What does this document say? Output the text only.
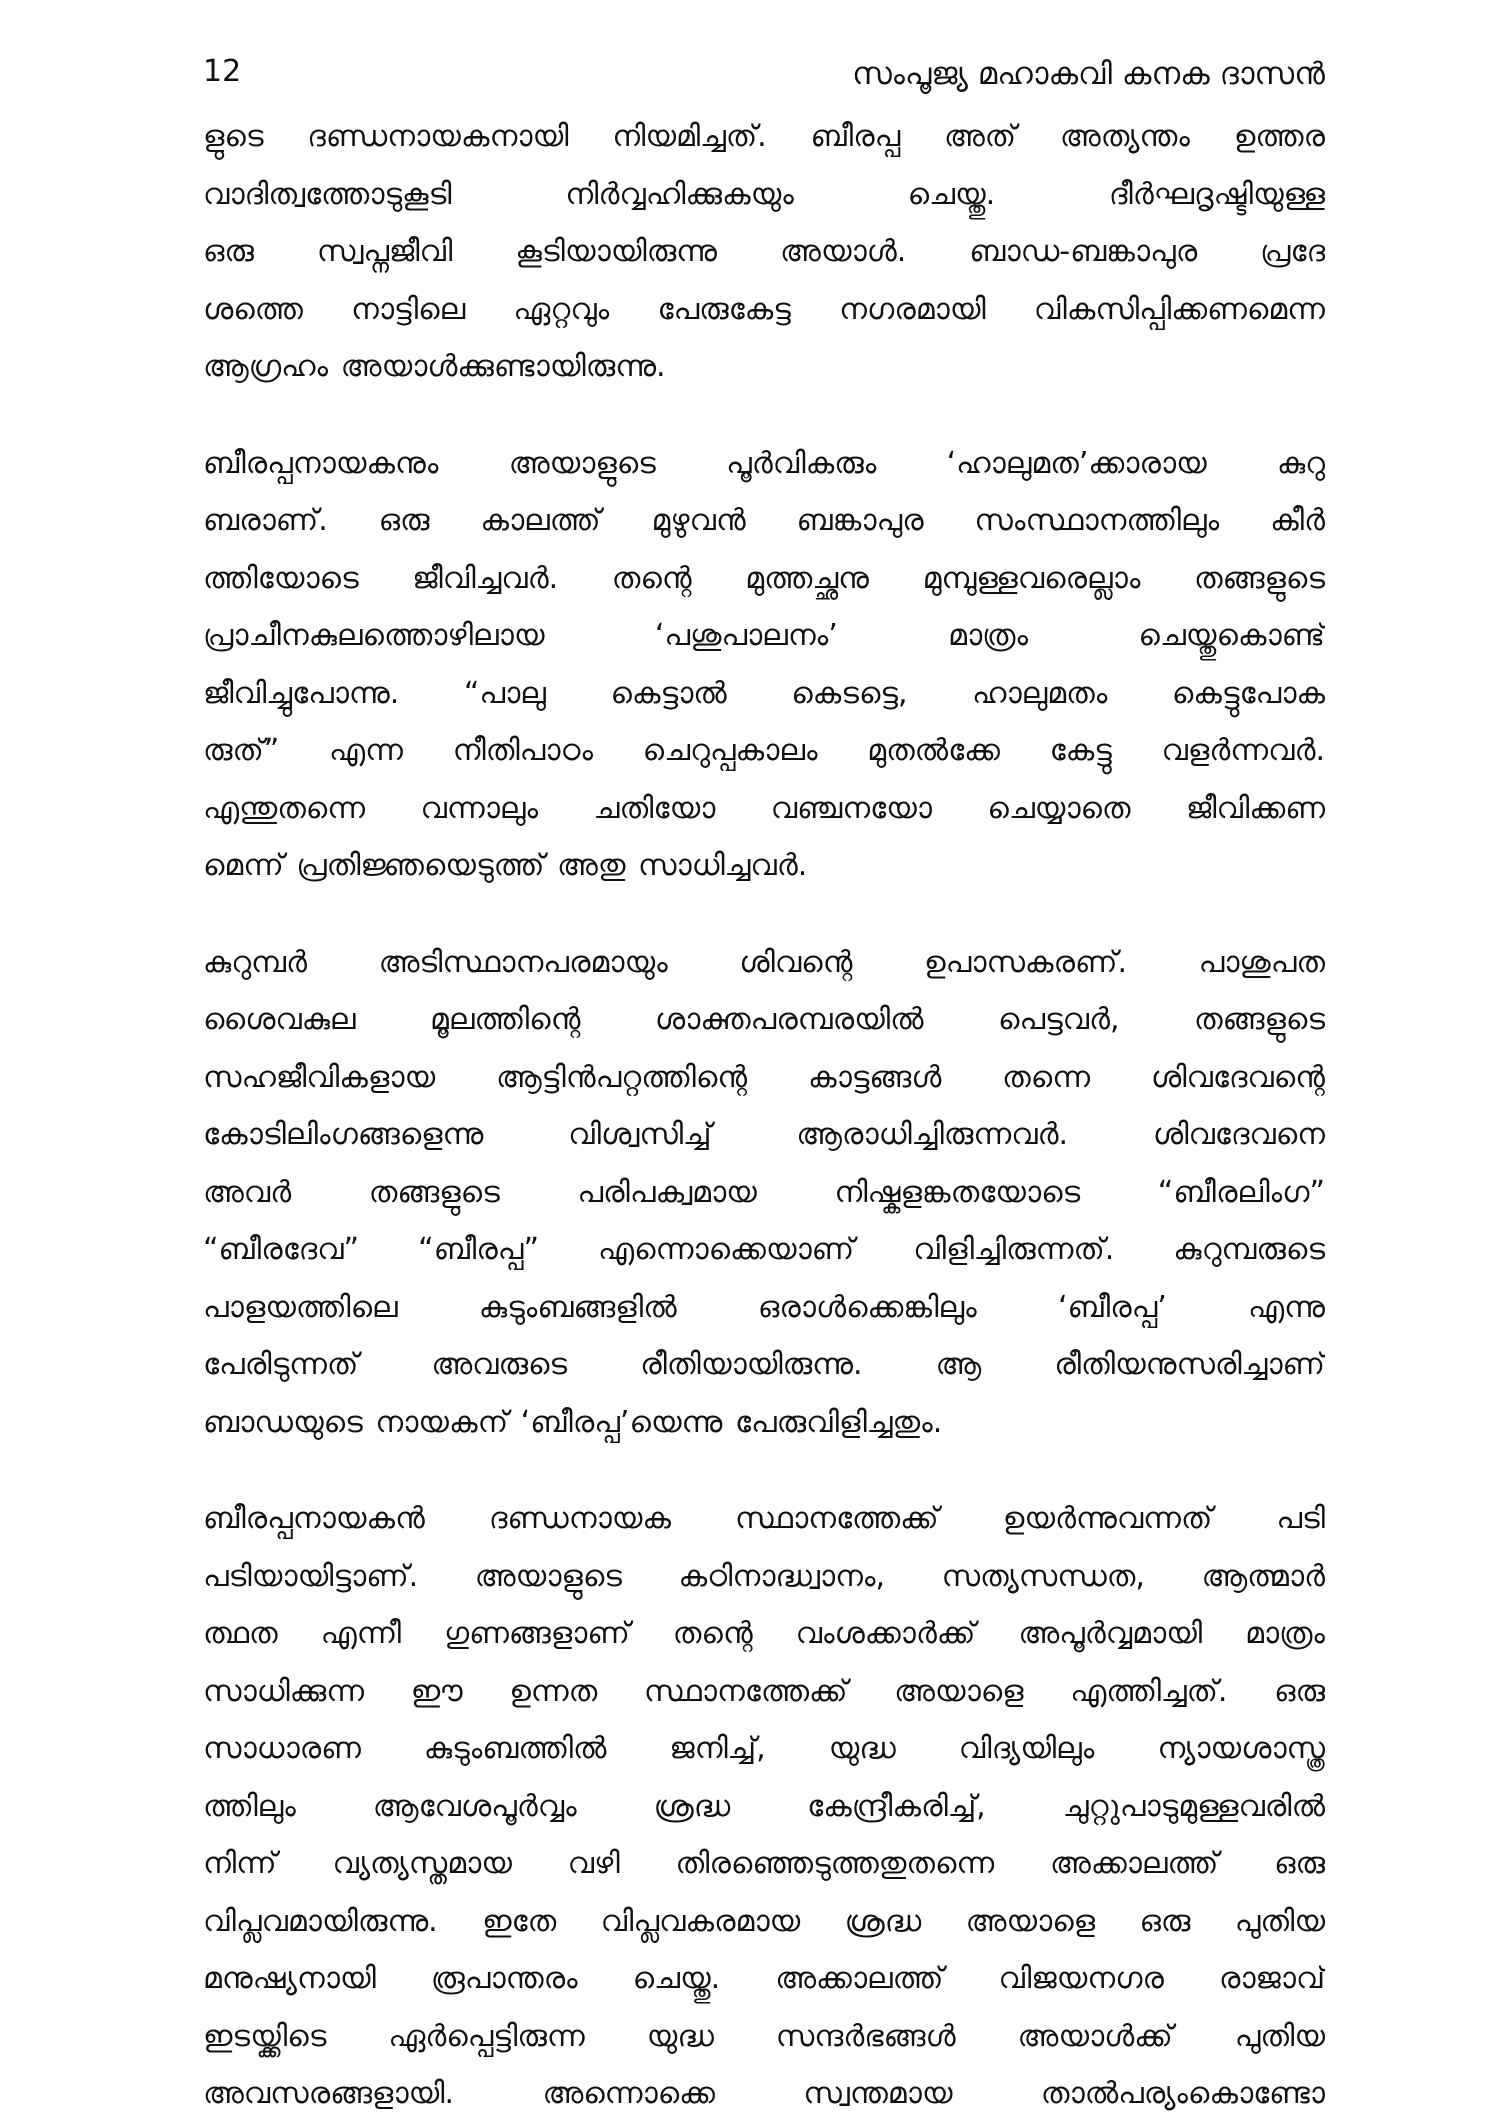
12	സംപൂജ്യ മഹാകവി കനക ദാസൻ

ളുടെ ദണ്ഡനായകനായി നിയമിച്ചത്. ബീരപ്പ അത് അത്യന്തം ഉത്തര
വാദിത്വത്തോടുകൂടി നിർവ്വഹിക്കുകയും ചെയ്തു. ദീർഘദൃഷ്ടിയുള്ള
ഒരു സ്വപ്നജീവി കൂടിയായിരുന്നു അയാൾ. ബാഡ-ബങ്കാപുര പ്രദേ
ശത്തെ നാട്ടിലെ ഏറ്റവും പേരുകേട്ട നഗരമായി വികസിപ്പിക്കണമെന്ന
ആഗ്രഹം അയാൾക്കുണ്ടായിരുന്നു.

ബീരപ്പനായകനും അയാളുടെ പൂർവികരും ‘ഹാലുമത’ക്കാരായ കുറു
ബരാണ്. ഒരു കാലത്ത് മുഴുവൻ ബങ്കാപുര സംസ്ഥാനത്തിലും കീർ
ത്തിയോടെ ജീവിച്ചവർ. തന്റെ മുത്തച്ഛനു മുമ്പുള്ളവരെല്ലാം തങ്ങളുടെ
പ്രാചീനകുലത്തൊഴിലായ ‘പശുപാലനം’ മാത്രം ചെയ്തുകൊണ്ട്
ജീവിച്ചുപോന്നു. “പാലു കെട്ടാൽ കെടട്ടെ, ഹാലുമതം കെട്ടുപോക
രുത്” എന്ന നീതിപാഠം ചെറുപ്പകാലം മുതൽക്കേ കേട്ടു വളർന്നവർ.
എന്തുതന്നെ വന്നാലും ചതിയോ വഞ്ചനയോ ചെയ്യാതെ ജീവിക്കണ
മെന്ന് പ്രതിജ്ഞയെടുത്ത് അതു സാധിച്ചവർ.

കുറുമ്പർ അടിസ്ഥാനപരമായും ശിവന്റെ ഉപാസകരണ്. പാശുപത
ശൈവകുല മൂലത്തിന്റെ ശാക്തപരമ്പരയിൽ പെട്ടവർ, തങ്ങളുടെ
സഹജീവികളായ ആട്ടിൻപറ്റത്തിന്റെ കാട്ടങ്ങൾ തന്നെ ശിവദേവന്റെ
കോടിലിംഗങ്ങളെന്നു വിശ്വസിച്ച് ആരാധിച്ചിരുന്നവർ. ശിവദേവനെ
അവർ തങ്ങളുടെ പരിപക്വമായ നിഷ്കളങ്കതയോടെ “ബീരലിംഗ”
“ബീരദേവ” “ബീരപ്പ” എന്നൊക്കെയാണ് വിളിച്ചിരുന്നത്. കുറുമ്പരുടെ
പാളയത്തിലെ കുടുംബങ്ങളിൽ ഒരാൾക്കെങ്കിലും ‘ബീരപ്പ’ എന്നു
പേരിടുന്നത് അവരുടെ രീതിയായിരുന്നു. ആ രീതിയനുസരിച്ചാണ്
ബാഡയുടെ നായകന് ‘ബീരപ്പ’യെന്നു പേരുവിളിച്ചതും.

ബീരപ്പനായകൻ ദണ്ഡനായക സ്ഥാനത്തേക്ക് ഉയർന്നുവന്നത് പടി
പടിയായിട്ടാണ്. അയാളുടെ കഠിനാദ്ധ്വാനം, സത്യസന്ധത, ആത്മാർ
ത്ഥത എന്നീ ഗുണങ്ങളാണ് തന്റെ വംശക്കാർക്ക് അപൂർവ്വമായി മാത്രം
സാധിക്കുന്ന ഈ ഉന്നത സ്ഥാനത്തേക്ക് അയാളെ എത്തിച്ചത്. ഒരു
സാധാരണ കുടുംബത്തിൽ ജനിച്ച്, യുദ്ധ വിദ്യയിലും ന്യായശാസ്ത്ര
ത്തിലും ആവേശപൂർവ്വം ശ്രദ്ധ കേന്ദ്രീകരിച്ച്, ചുറ്റുപാടുമുള്ളവരിൽ
നിന്ന് വ്യത്യസ്തമായ വഴി തിരഞ്ഞെടുത്തതുതന്നെ അക്കാലത്ത് ഒരു
വിപ്ലവമായിരുന്നു. ഇതേ വിപ്ലവകരമായ ശ്രദ്ധ അയാളെ ഒരു പുതിയ
മനുഷ്യനായി രൂപാന്തരം ചെയ്തു. അക്കാലത്ത് വിജയനഗര രാജാവ്
ഇടയ്ക്കിടെ ഏർപ്പെട്ടിരുന്ന യുദ്ധ സന്ദർഭങ്ങൾ അയാൾക്ക് പുതിയ
അവസരങ്ങളായി. അന്നൊക്കെ സ്വന്തമായ താൽപര്യംകൊണ്ടോ
